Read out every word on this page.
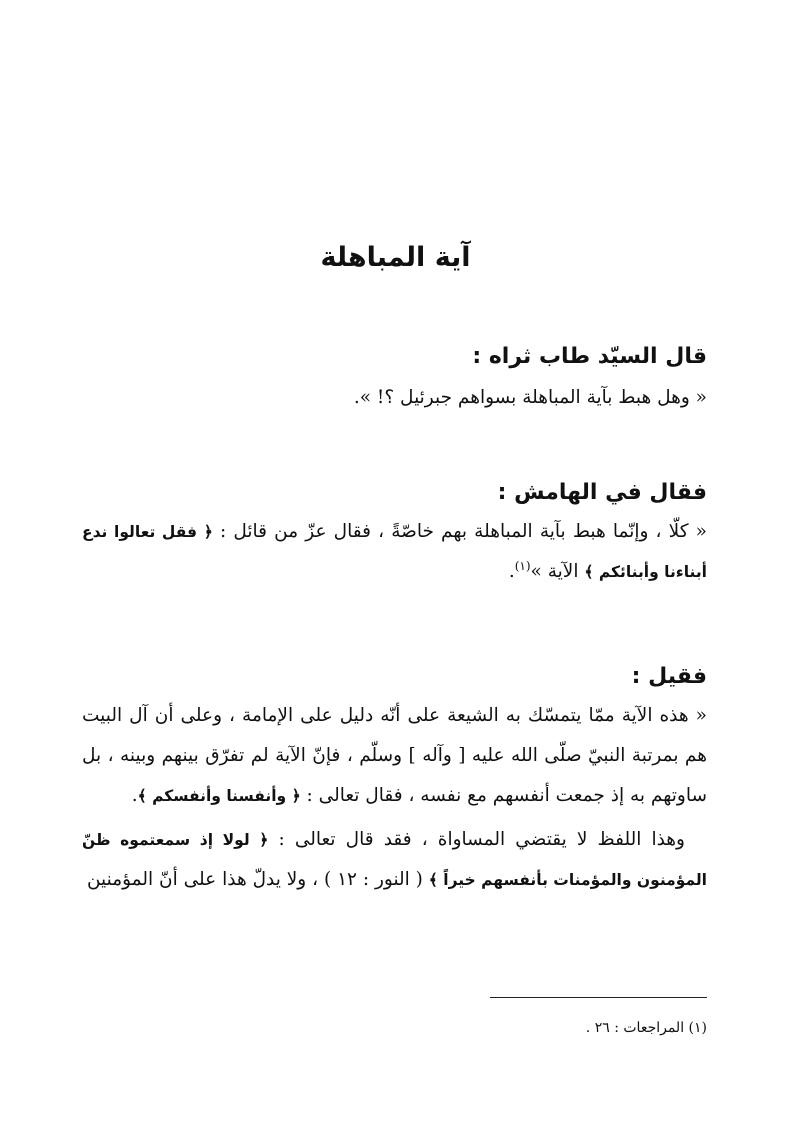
آية المباهلة

قال السيّد طاب ثراه :

« وهل هبط بآية المباهلة بسواهم جبرئيل ؟! ».

فقال في الهامش :

« كلّا ، وإنّما هبط بآية المباهلة بهم خاصّةً ، فقال عزّ من قائل : ﴿ فقل تعالوا ندع أبناءنا وأبنائكم ﴾ الآية »$^{(١)}$.

فقيل :

« هذه الآية ممّا يتمسّك به الشيعة على أنّه دليل على الإمامة ، وعلى أن آل البيت هم بمرتبة النبيّ صلّى الله عليه [ وآله ] وسلّم ، فإنّ الآية لم تفرّق بينهم وبينه ، بل ساوتهم به إذ جمعت أنفسهم مع نفسه ، فقال تعالى : ﴿ وأنفسنا وأنفسكم ﴾.

وهذا اللفظ لا يقتضي المساواة ، فقد قال تعالى : ﴿ لولا إذ سمعتموه ظنّ المؤمنون والمؤمنات بأنفسهم خيراً ﴾ ( النور : ١٢ ) ، ولا يدلّ هذا على أنّ المؤمنين

(١) المراجعات : ٢٦ .
